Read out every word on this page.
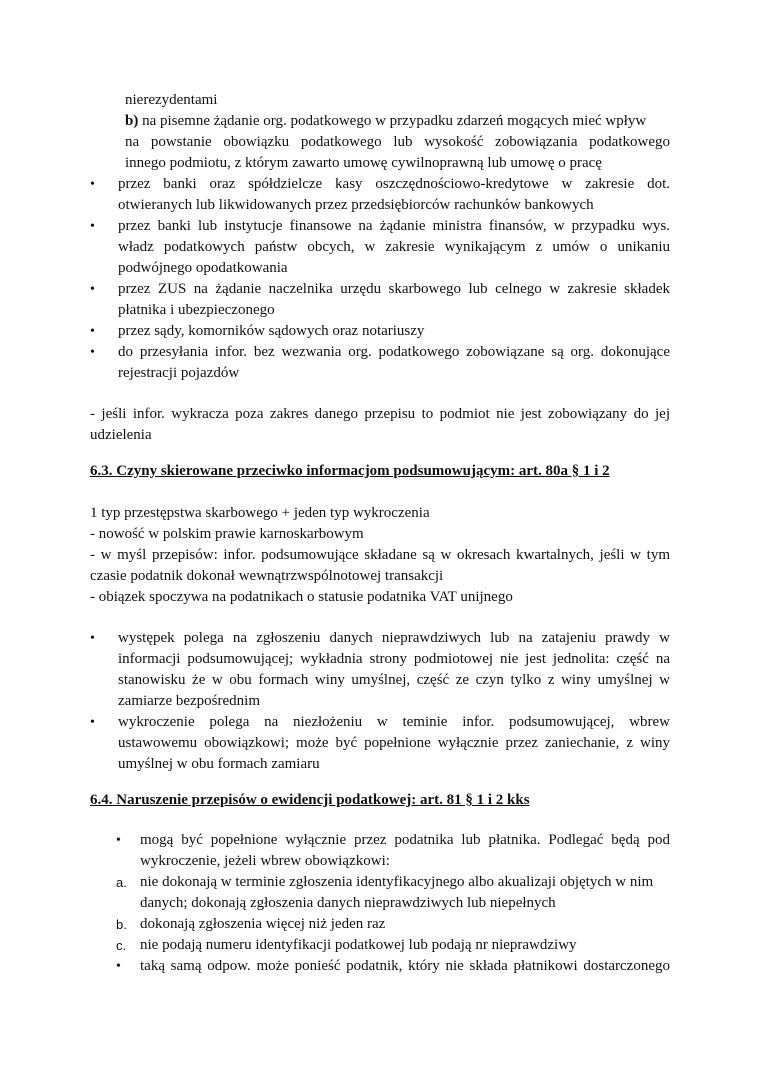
nierezydentami
b) na pisemne żądanie org. podatkowego w przypadku zdarzeń mogących mieć wpływ
na powstanie obowiązku podatkowego lub wysokość zobowiązania podatkowego
innego podmiotu, z którym zawarto umowę cywilnoprawną lub umowę o pracę
• przez banki oraz spółdzielcze kasy oszczędnościowo-kredytowe w zakresie dot.
otwieranych lub likwidowanych przez przedsiębiorców rachunków bankowych
• przez banki lub instytucje finansowe na żądanie ministra finansów, w przypadku wys.
władz podatkowych państw obcych, w zakresie wynikającym z umów o unikaniu
podwójnego opodatkowania
• przez ZUS na żądanie naczelnika urzędu skarbowego lub celnego w zakresie składek
płatnika i ubezpieczonego
• przez sądy, komorników sądowych oraz notariuszy
• do przesyłania infor. bez wezwania org. podatkowego zobowiązane są org. dokonujące
rejestracji pojazdów
- jeśli infor. wykracza poza zakres danego przepisu to podmiot nie jest zobowiązany do jej
udzielenia
6.3. Czyny skierowane przeciwko informacjom podsumowującym: art. 80a § 1 i 2
1 typ przestępstwa skarbowego + jeden typ wykroczenia
- nowość w polskim prawie karnoskarbowym
- w myśl przepisów: infor. podsumowujące składane są w okresach kwartalnych, jeśli w tym
czasie podatnik dokonał wewnątrzwspólnotowej transakcji
- obiązek spoczywa na podatnikach o statusie podatnika VAT unijnego
• występek polega na zgłoszeniu danych nieprawdziwych lub na zatajeniu prawdy w
informacji podsumowującej; wykładnia strony podmiotowej nie jest jednolita: część na
stanowisku że w obu formach winy umyślnej, część ze czyn tylko z winy umyślnej w
zamiarze bezpośrednim
• wykroczenie polega na niezłożeniu w teminie infor. podsumowującej, wbrew
ustawowemu obowiązkowi; może być popełnione wyłącznie przez zaniechanie, z winy
umyślnej w obu formach zamiaru
6.4. Naruszenie przepisów o ewidencji podatkowej: art. 81 § 1 i 2 kks
• mogą być popełnione wyłącznie przez podatnika lub płatnika. Podlegać będą pod
wykroczenie, jeżeli wbrew obowiązkowi:
a. nie dokonają w terminie zgłoszenia identyfikacyjnego albo akualizaji objętych w nim
danych; dokonają zgłoszenia danych nieprawdziwych lub niepełnych
b. dokonają zgłoszenia więcej niż jeden raz
c. nie podają numeru identyfikacji podatkowej lub podają nr nieprawdziwy
• taką samą odpow. może ponieść podatnik, który nie składa płatnikowi dostarczonego
